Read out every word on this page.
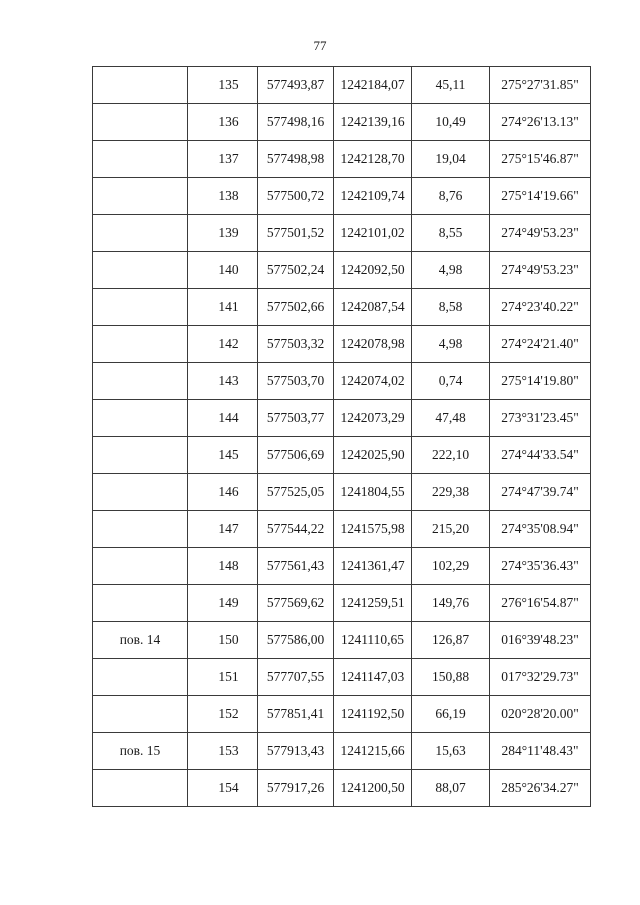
77
	135	577493,87	1242184,07	45,11	275°27'31.85"
	136	577498,16	1242139,16	10,49	274°26'13.13"
	137	577498,98	1242128,70	19,04	275°15'46.87"
	138	577500,72	1242109,74	8,76	275°14'19.66"
	139	577501,52	1242101,02	8,55	274°49'53.23"
	140	577502,24	1242092,50	4,98	274°49'53.23"
	141	577502,66	1242087,54	8,58	274°23'40.22"
	142	577503,32	1242078,98	4,98	274°24'21.40"
	143	577503,70	1242074,02	0,74	275°14'19.80"
	144	577503,77	1242073,29	47,48	273°31'23.45"
	145	577506,69	1242025,90	222,10	274°44'33.54"
	146	577525,05	1241804,55	229,38	274°47'39.74"
	147	577544,22	1241575,98	215,20	274°35'08.94"
	148	577561,43	1241361,47	102,29	274°35'36.43"
	149	577569,62	1241259,51	149,76	276°16'54.87"
пов. 14	150	577586,00	1241110,65	126,87	016°39'48.23"
	151	577707,55	1241147,03	150,88	017°32'29.73"
	152	577851,41	1241192,50	66,19	020°28'20.00"
пов. 15	153	577913,43	1241215,66	15,63	284°11'48.43"
	154	577917,26	1241200,50	88,07	285°26'34.27"
